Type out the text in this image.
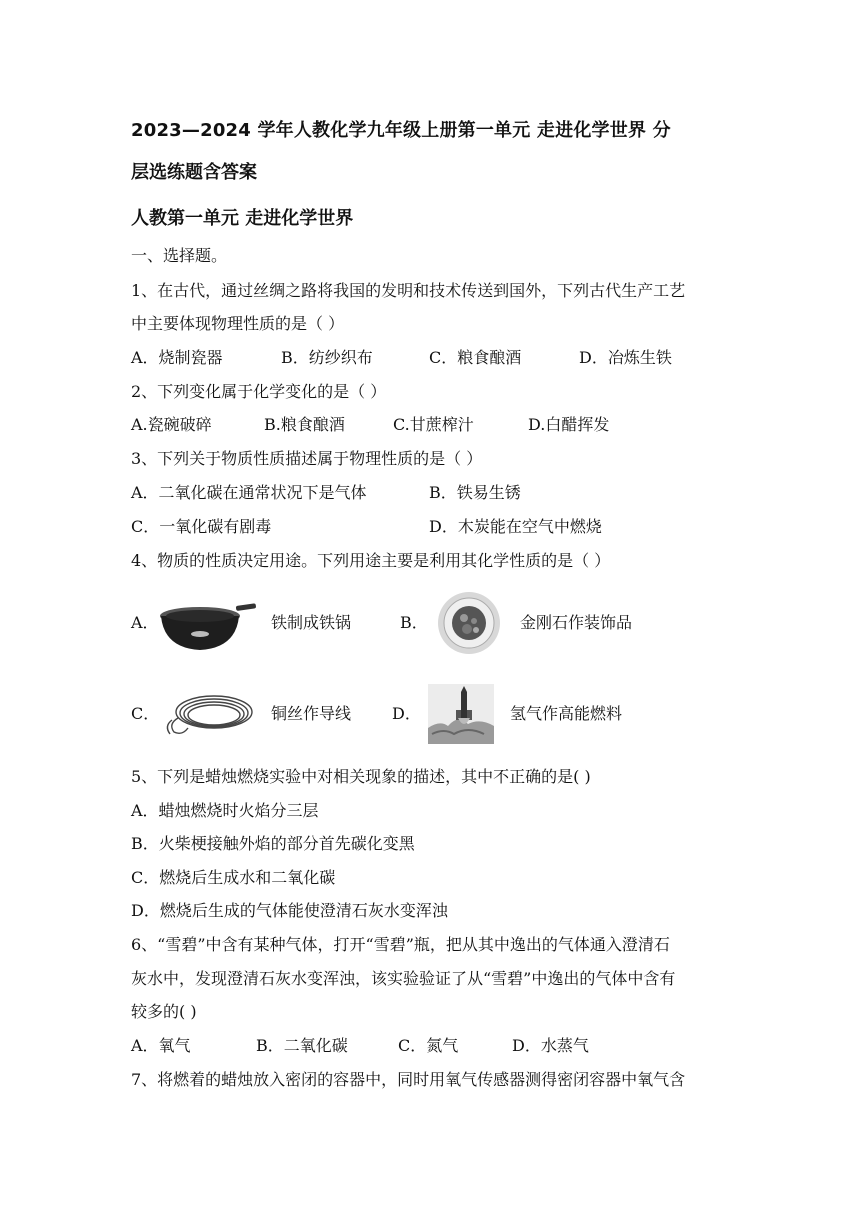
2023—2024 学年人教化学九年级上册第一单元 走进化学世界 分
层选练题含答案
人教第一单元 走进化学世界
一、选择题。
1、在古代，通过丝绸之路将我国的发明和技术传送到国外，下列古代生产工艺
中主要体现物理性质的是（ ）
A．烧制瓷器	B．纺纱织布	C．粮食酿酒	D．冶炼生铁
2、下列变化属于化学变化的是（ ）
A.瓷碗破碎	B.粮食酿酒	C.甘蔗榨汁	D.白醋挥发
3、下列关于物质性质描述属于物理性质的是（ ）
A．二氧化碳在通常状况下是气体	B．铁易生锈
C．一氧化碳有剧毒	D．木炭能在空气中燃烧
4、物质的性质决定用途。下列用途主要是利用其化学性质的是（ ）
A．	铁制成铁锅	B．	金刚石作装饰品
C．	铜丝作导线	D．	氢气作高能燃料
5、下列是蜡烛燃烧实验中对相关现象的描述，其中不正确的是( )
A．蜡烛燃烧时火焰分三层
B．火柴梗接触外焰的部分首先碳化变黑
C．燃烧后生成水和二氧化碳
D．燃烧后生成的气体能使澄清石灰水变浑浊
6、“雪碧”中含有某种气体，打开“雪碧”瓶，把从其中逸出的气体通入澄清石
灰水中，发现澄清石灰水变浑浊，该实验验证了从“雪碧”中逸出的气体中含有
较多的( )
A．氧气	B．二氧化碳	C．氮气	D．水蒸气
7、将燃着的蜡烛放入密闭的容器中，同时用氧气传感器测得密闭容器中氧气含
